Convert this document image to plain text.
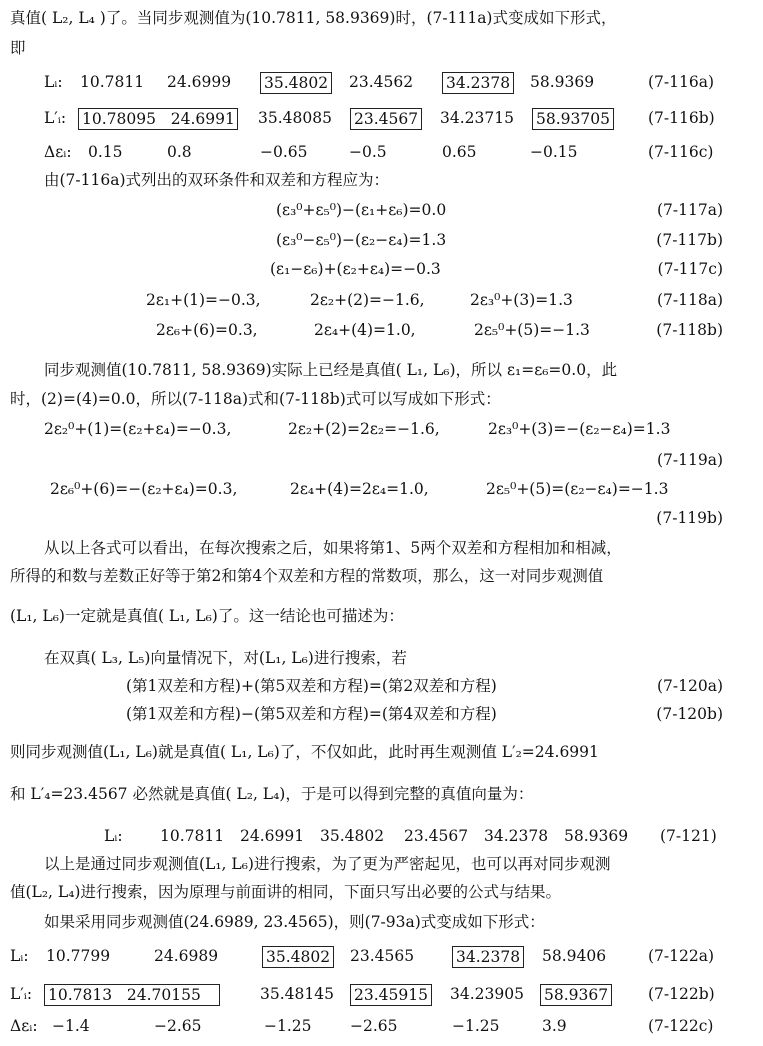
真值( L₂, L₄ )了。当同步观测值为(10.7811, 58.9369)时，(7-111a)式变成如下形式，
即
Lᵢ: 10.7811 24.6999 35.4802 23.4562 34.2378 58.9369	(7-116a)
L′ᵢ: 10.78095 24.6991 35.48085 23.4567 34.23715 58.93705 (7-116b)
Δεᵢ: 0.15	0.8	−0.65	−0.5	0.65	−0.15	(7-116c)
由(7-116a)式列出的双环条件和双差和方程应为：
(ε₃⁰+ε₅⁰)−(ε₁+ε₆)=0.0	(7-117a)
(ε₃⁰−ε₅⁰)−(ε₂−ε₄)=1.3	(7-117b)
(ε₁−ε₆)+(ε₂+ε₄)=−0.3	(7-117c)
2ε₁+(1)=−0.3,	2ε₂+(2)=−1.6,	2ε₃⁰+(3)=1.3	(7-118a)
2ε₆+(6)=0.3,	2ε₄+(4)=1.0,	2ε₅⁰+(5)=−1.3	(7-118b)
同步观测值(10.7811, 58.9369)实际上已经是真值( L₁, L₆)，所以 ε₁=ε₆=0.0，此
时，(2)=(4)=0.0，所以(7-118a)式和(7-118b)式可以写成如下形式：
2ε₂⁰+(1)=(ε₂+ε₄)=−0.3,	2ε₂+(2)=2ε₂=−1.6,	2ε₃⁰+(3)=−(ε₂−ε₄)=1.3
(7-119a)
2ε₆⁰+(6)=−(ε₂+ε₄)=0.3,	2ε₄+(4)=2ε₄=1.0,	2ε₅⁰+(5)=(ε₂−ε₄)=−1.3
(7-119b)
从以上各式可以看出，在每次搜索之后，如果将第1、5两个双差和方程相加和相减，
所得的和数与差数正好等于第2和第4个双差和方程的常数项，那么，这一对同步观测值
(L₁, L₆)一定就是真值( L₁, L₆)了。这一结论也可描述为：
在双真( L₃, L₅)向量情况下，对(L₁, L₆)进行搜索，若
(第1双差和方程)+(第5双差和方程)=(第2双差和方程)	(7-120a)
(第1双差和方程)−(第5双差和方程)=(第4双差和方程)	(7-120b)
则同步观测值(L₁, L₆)就是真值( L₁, L₆)了，不仅如此，此时再生观测值 L′₂=24.6991
和 L′₄=23.4567 必然就是真值( L₂, L₄)，于是可以得到完整的真值向量为：
Lᵢ: 10.7811 24.6991 35.4802 23.4567 34.2378 58.9369 (7-121)
以上是通过同步观测值(L₁, L₆)进行搜索，为了更为严密起见，也可以再对同步观测
值(L₂, L₄)进行搜索，因为原理与前面讲的相同，下面只写出必要的公式与结果。
如果采用同步观测值(24.6989, 23.4565)，则(7-93a)式变成如下形式：
Lᵢ: 10.7799	24.6989	35.4802 23.4565	34.2378 58.9406	(7-122a)
L′ᵢ: 10.7813 24.70155	35.48145 23.45915 34.23905 58.9367	(7-122b)
Δεᵢ: −1.4	−2.65	−1.25 −2.65	−1.25	3.9	(7-122c)
